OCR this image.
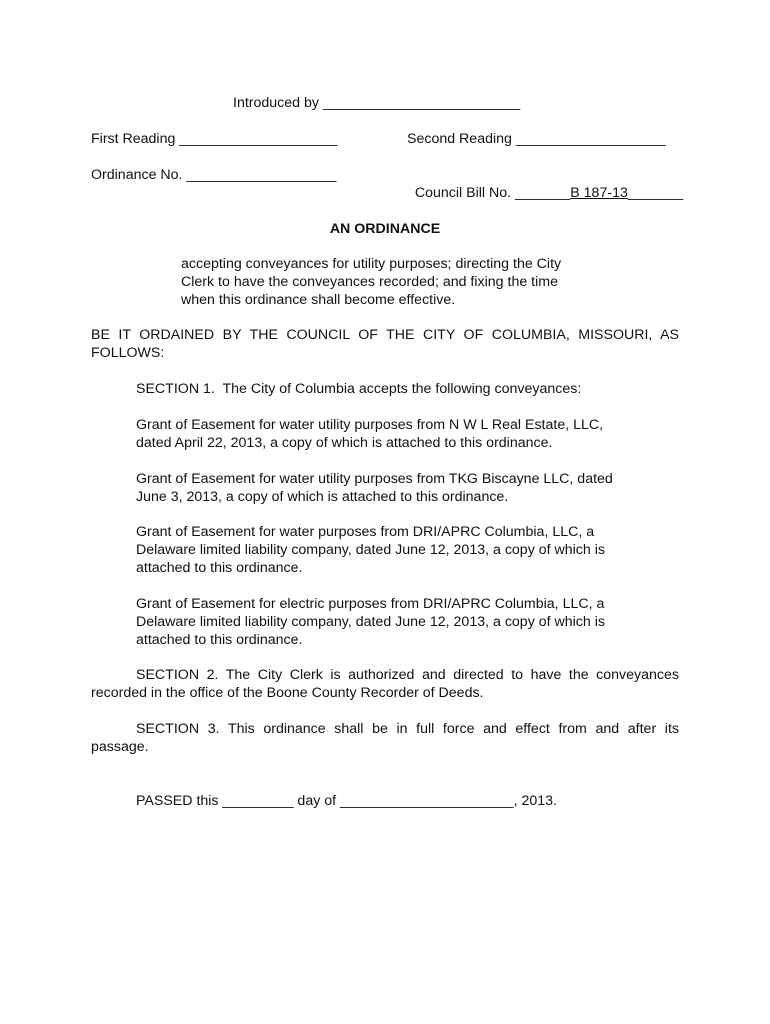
Introduced by _________________________
First Reading ____________________	Second Reading ___________________
Ordinance No. ___________________

Council Bill No. _______B 187-13_______

AN ORDINANCE
accepting conveyances for utility purposes; directing the City
Clerk to have the conveyances recorded; and fixing the time
when this ordinance shall become effective.
BE IT ORDAINED BY THE COUNCIL OF THE CITY OF COLUMBIA, MISSOURI, AS
FOLLOWS:
SECTION 1.  The City of Columbia accepts the following conveyances:
Grant of Easement for water utility purposes from N W L Real Estate, LLC,
dated April 22, 2013, a copy of which is attached to this ordinance.
Grant of Easement for water utility purposes from TKG Biscayne LLC, dated
June 3, 2013, a copy of which is attached to this ordinance.
Grant of Easement for water purposes from DRI/APRC Columbia, LLC, a
Delaware limited liability company, dated June 12, 2013, a copy of which is
attached to this ordinance.
Grant of Easement for electric purposes from DRI/APRC Columbia, LLC, a
Delaware limited liability company, dated June 12, 2013, a copy of which is
attached to this ordinance.
SECTION 2. The City Clerk is authorized and directed to have the conveyances
recorded in the office of the Boone County Recorder of Deeds.
SECTION 3. This ordinance shall be in full force and effect from and after its
passage.
PASSED this _________ day of ______________________, 2013.
